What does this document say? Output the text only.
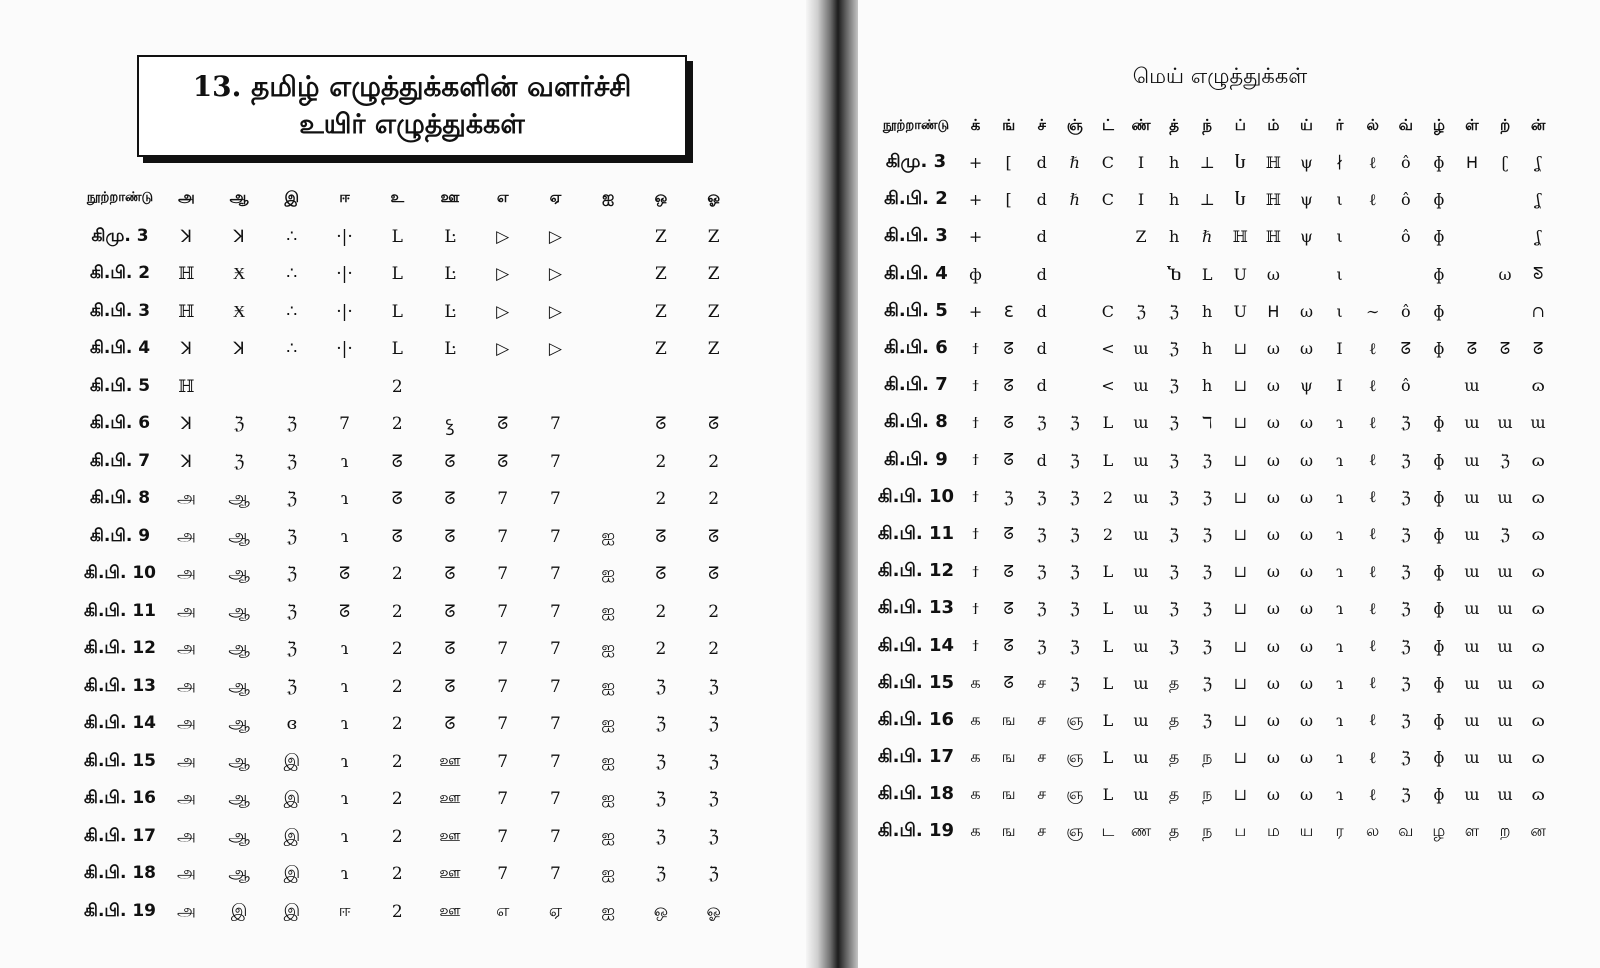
13. தமிழ் எழுத்துக்களின் வளர்ச்சி
உயிர் எழுத்துக்கள்
மெய் எழுத்துக்கள்
நூற்றாண்டு	அ	ஆ	இ	ஈ	உ	ஊ	எ	ஏ	ஐ	ஒ	ஓ
கிமு. 3	ꓘ	ꓘ	∴	·|·	L	Ŀ	▷	▷		Z	Z
கி.பி. 2	ℍ	Ӿ	∴	·|·	L	Ŀ	▷	▷		Z	Z
கி.பி. 3	ℍ	Ӿ	∴	·|·	L	Ŀ	▷	▷		Z	Z
கி.பி. 4	ꓘ	ꓘ	∴	·|·	L	Ŀ	▷	▷		Z	Z
கி.பி. 5	ℍ				2						
கி.பி. 6	ꓘ	ℨ	ℨ	7	2	ꝣ	ᘔ	7		ᘔ	ᘔ
கி.பி. 7	ꓘ	ℨ	ℨ	ɿ	ᘔ	ᘔ	ᘔ	7		2	2
கி.பி. 8	அ	ஆ	ℨ	ɿ	ᘔ	ᘔ	7	7		2	2
கி.பி. 9	அ	ஆ	ℨ	ɿ	ᘔ	ᘔ	7	7	ஐ	ᘔ	ᘔ
கி.பி. 10	அ	ஆ	ℨ	ᘔ	2	ᘔ	7	7	ஐ	ᘔ	ᘔ
கி.பி. 11	அ	ஆ	ℨ	ᘔ	2	ᘔ	7	7	ஐ	2	2
கி.பி. 12	அ	ஆ	ℨ	ɿ	2	ᘔ	7	7	ஐ	2	2
கி.பி. 13	அ	ஆ	ℨ	ɿ	2	ᘔ	7	7	ஐ	ℨ	ℨ
கி.பி. 14	அ	ஆ	ɞ	ɿ	2	ᘔ	7	7	ஐ	ℨ	ℨ
கி.பி. 15	அ	ஆ	இ	ɿ	2	ஊ	7	7	ஐ	ℨ	ℨ
கி.பி. 16	அ	ஆ	இ	ɿ	2	ஊ	7	7	ஐ	ℨ	ℨ
கி.பி. 17	அ	ஆ	இ	ɿ	2	ஊ	7	7	ஐ	ℨ	ℨ
கி.பி. 18	அ	ஆ	இ	ɿ	2	ஊ	7	7	ஐ	ℨ	ℨ
கி.பி. 19	அ	இ	இ	ஈ	2	ஊ	எ	ஏ	ஐ	ஒ	ஓ
நூற்றாண்டு	க்	ங்	ச்	ஞ்	ட்	ண்	த்	ந்	ப்	ம்	ய்	ர்	ல்	வ்	ழ்	ள்	ற்	ன்
கிமு. 3	+	[	d	ℏ	C	I	h	⊥	Ⴑ	ℍ	ψ	∤	ℓ	ô	ɸ	ᕼ	ʗ	ʆ
கி.பி. 2	+	[	d	ℏ	C	I	h	⊥	Ⴑ	ℍ	ψ	ι	ℓ	ô	ɸ			ʆ
கி.பி. 3	+		d			Z	h	ℏ	ℍ	ℍ	ψ	ι		ô	ɸ			ʆ
கி.பி. 4	ф		d				Ⴆ	L	U	ω		ι			ɸ		ω	ᘕ
கி.பி. 5	+	ℇ	d		C	ℨ	ℨ	h	U	ᕼ	ω	ι	∼	ô	ɸ			∩
கி.பி. 6	ϯ	ᘔ	d		<	ɯ	ℨ	h	⊔	ω	ω	I	ℓ	ᘔ	ɸ	ᘔ	ᘔ	ᘔ
கி.பி. 7	ϯ	ᘔ	d		<	ɯ	ℨ	h	⊔	ω	ψ	I	ℓ	ô		ɯ		ɷ
கி.பி. 8	ϯ	ᘔ	ℨ	ℨ	L	ɯ	ℨ	ℸ	⊔	ω	ω	ɿ	ℓ	ℨ	ɸ	ɯ	ɯ	ɯ
கி.பி. 9	ϯ	ᘔ	d	ℨ	L	ɯ	ℨ	ℨ	⊔	ω	ω	ɿ	ℓ	ℨ	ɸ	ɯ	ℨ	ɷ
கி.பி. 10	ϯ	ℨ	ℨ	ℨ	2	ɯ	ℨ	ℨ	⊔	ω	ω	ɿ	ℓ	ℨ	ɸ	ɯ	ɯ	ɷ
கி.பி. 11	ϯ	ᘔ	ℨ	ℨ	2	ɯ	ℨ	ℨ	⊔	ω	ω	ɿ	ℓ	ℨ	ɸ	ɯ	ℨ	ɷ
கி.பி. 12	ϯ	ᘔ	ℨ	ℨ	L	ɯ	ℨ	ℨ	⊔	ω	ω	ɿ	ℓ	ℨ	ɸ	ɯ	ɯ	ɷ
கி.பி. 13	ϯ	ᘔ	ℨ	ℨ	L	ɯ	ℨ	ℨ	⊔	ω	ω	ɿ	ℓ	ℨ	ɸ	ɯ	ɯ	ɷ
கி.பி. 14	ϯ	ᘔ	ℨ	ℨ	L	ɯ	ℨ	ℨ	⊔	ω	ω	ɿ	ℓ	ℨ	ɸ	ɯ	ɯ	ɷ
கி.பி. 15	க	ᘔ	ச	ℨ	L	ɯ	த	ℨ	⊔	ω	ω	ɿ	ℓ	ℨ	ɸ	ɯ	ɯ	ɷ
கி.பி. 16	க	ங	ச	ஞ	L	ɯ	த	ℨ	⊔	ω	ω	ɿ	ℓ	ℨ	ɸ	ɯ	ɯ	ɷ
கி.பி. 17	க	ங	ச	ஞ	L	ɯ	த	ந	⊔	ω	ω	ɿ	ℓ	ℨ	ɸ	ɯ	ɯ	ɷ
கி.பி. 18	க	ங	ச	ஞ	L	ɯ	த	ந	⊔	ω	ω	ɿ	ℓ	ℨ	ɸ	ɯ	ɯ	ɷ
கி.பி. 19	க	ங	ச	ஞ	ட	ண	த	ந	ப	ம	ய	ர	ல	வ	ழ	ள	ற	ன
